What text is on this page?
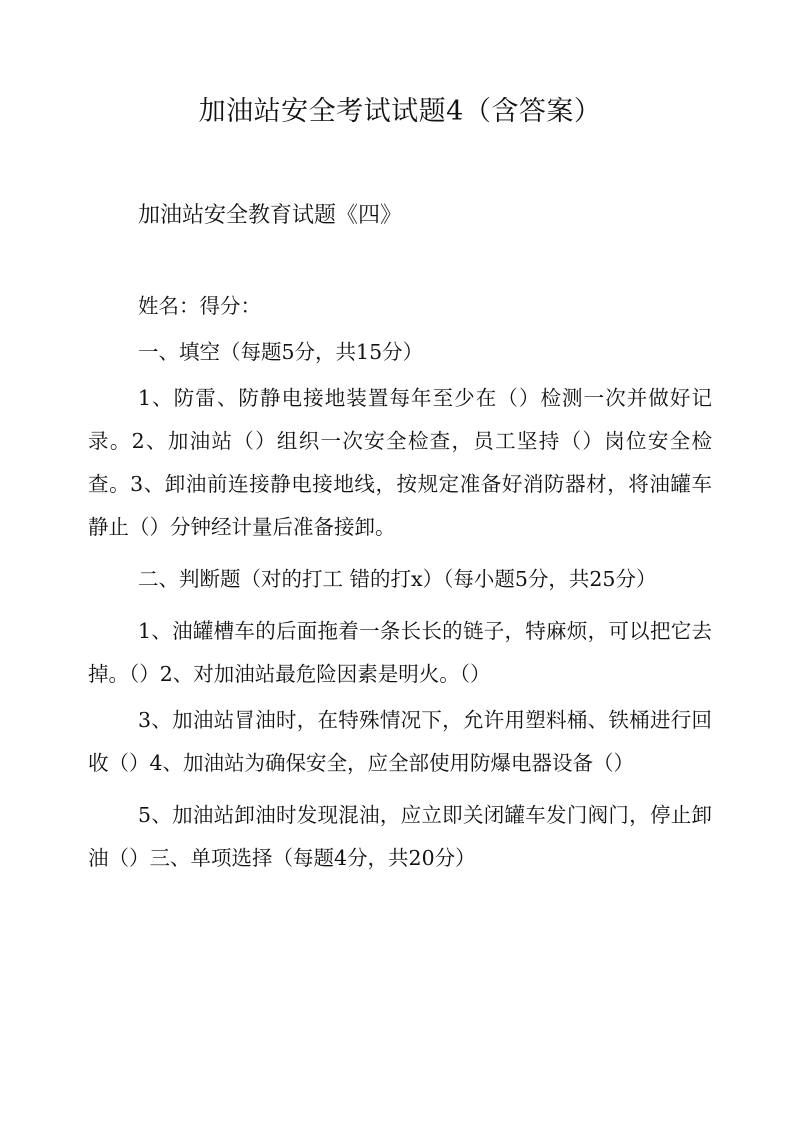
加油站安全考试试题4（含答案）
加油站安全教育试题《四》

姓名：得分：

一、填空（每题5分，共15分）

1、防雷、防静电接地装置每年至少在（）检测一次并做好记录。2、加油站（）组织一次安全检查，员工坚持（）岗位安全检查。3、卸油前连接静电接地线，按规定准备好消防器材，将油罐车静止（）分钟经计量后准备接卸。

二、判断题（对的打工 错的打x）（每小题5分，共25分）

1、油罐槽车的后面拖着一条长长的链子，特麻烦，可以把它去掉。（）2、对加油站最危险因素是明火。（）

3、加油站冒油时，在特殊情况下，允许用塑料桶、铁桶进行回收（）4、加油站为确保安全，应全部使用防爆电器设备（）

5、加油站卸油时发现混油，应立即关闭罐车发门阀门，停止卸油（）三、单项选择（每题4分，共20分）
